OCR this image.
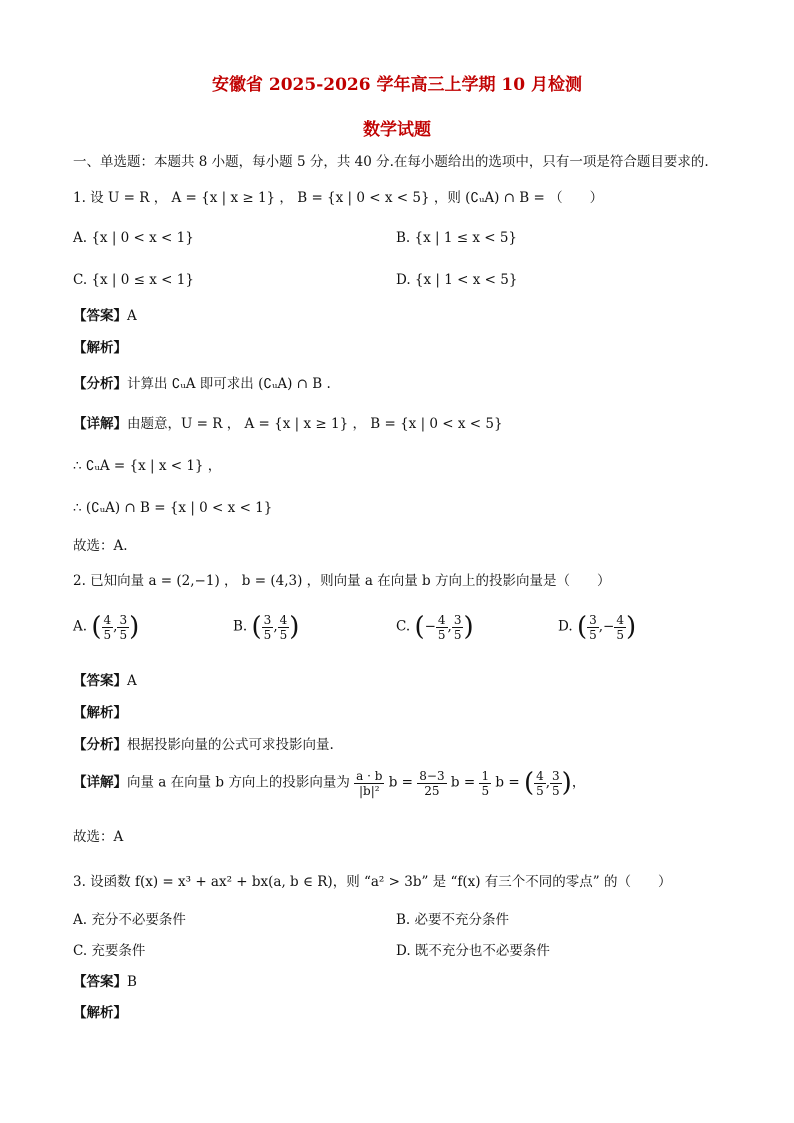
安徽省 2025-2026 学年高三上学期 10 月检测
数学试题
一、单选题：本题共 8 小题，每小题 5 分，共 40 分.在每小题给出的选项中，只有一项是符合题目要求的.
1. 设 U = R ， A = {x | x ≥ 1} ， B = {x | 0 < x < 5} ，则 (∁ᵤA) ∩ B = （　　）
A. {x | 0 < x < 1}	B. {x | 1 ≤ x < 5}
C. {x | 0 ≤ x < 1}	D. {x | 1 < x < 5}
【答案】A
【解析】
【分析】计算出 ∁ᵤA 即可求出 (∁ᵤA) ∩ B .
【详解】由题意，U = R ， A = {x | x ≥ 1} ， B = {x | 0 < x < 5}
∴ ∁ᵤA = {x | x < 1} ，
∴ (∁ᵤA) ∩ B = {x | 0 < x < 1}
故选：A.
2. 已知向量 a = (2,−1) ， b = (4,3) ，则向量 a 在向量 b 方向上的投影向量是（　　）
A. ( $\frac{4}{5}$ , $\frac{3}{5}$ )	B. ( $\frac{3}{5}$ , $\frac{4}{5}$ )	C. (− $\frac{4}{5}$ , $\frac{3}{5}$ )	D. ( $\frac{3}{5}$ ,− $\frac{4}{5}$ )
【答案】A
【解析】
【分析】根据投影向量的公式可求投影向量.
【详解】向量 a 在向量 b 方向上的投影向量为 $\frac{a \cdot b}{\text{|b|²}}$ $b = \frac{8-3}{25}$ $b = \frac{1}{5}$ b = ( $\frac{4}{5}$ , $\frac{3}{5}$ )，
故选：A
3. 设函数 f(x) = x³ + ax² + bx(a, b ∈ R)，则 “a² > 3b” 是 “f(x) 有三个不同的零点” 的（　　）
A. 充分不必要条件	B. 必要不充分条件
C. 充要条件	D. 既不充分也不必要条件
【答案】B
【解析】
